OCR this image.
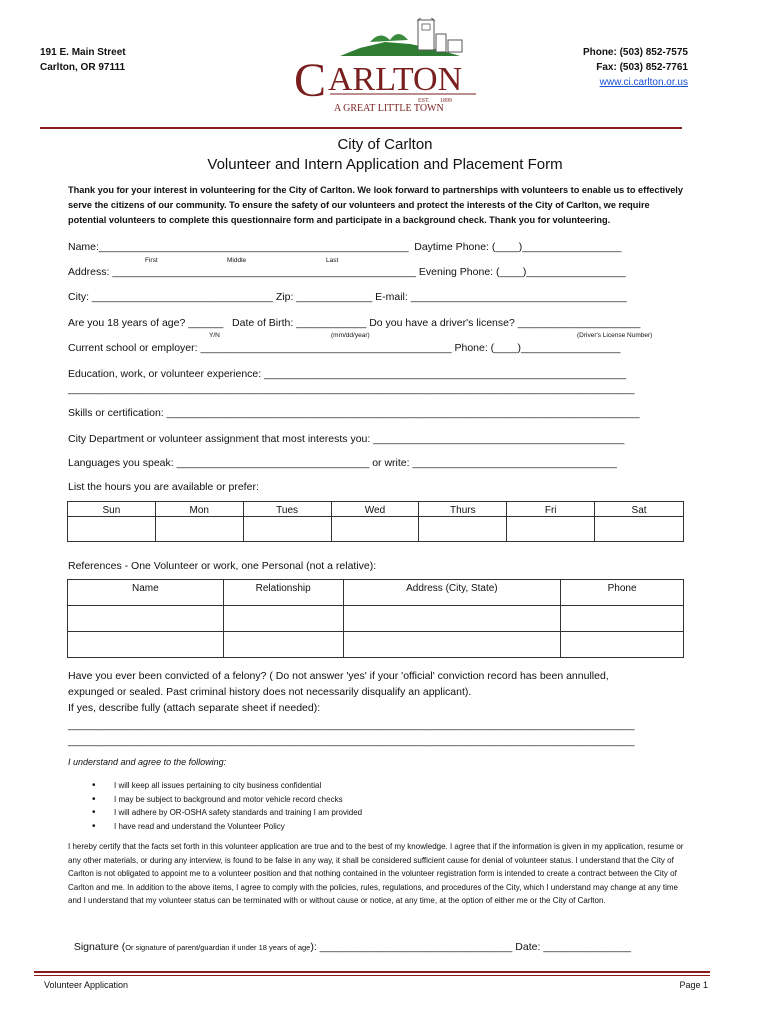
191 E. Main Street
Carlton, OR 97111	C ARLTON
EST. 1899
A GREAT LITTLE TOWN
Phone: (503) 852-7575
Fax: (503) 852-7761
www.ci.carlton.or.us
City of Carlton
Volunteer and Intern Application and Placement Form
Thank you for your interest in volunteering for the City of Carlton. We look forward to partnerships with volunteers to enable us to effectively serve the citizens of our community. To ensure the safety of our volunteers and protect the interests of the City of Carlton, we require potential volunteers to complete this questionnaire form and participate in a background check. Thank you for volunteering.
Name:_____________________________________________________  Daytime Phone: (____)_________________
First	Middle	Last
Address: ____________________________________________________ Evening Phone: (____)_________________
City: _______________________________ Zip: _____________ E-mail: _____________________________________
Are you 18 years of age? ______   Date of Birth: ____________ Do you have a driver's license? _____________________
Y/N	(mm/dd/year)	(Driver's License Number)
Current school or employer: ___________________________________________ Phone: (____)_________________
Education, work, or volunteer experience: ______________________________________________________________
_________________________________________________________________________________________________
Skills or certification: _________________________________________________________________________________
City Department or volunteer assignment that most interests you: ___________________________________________
Languages you speak: _________________________________ or write: ___________________________________
List the hours you are available or prefer:
Sun	Mon	Tues	Wed	Thurs	Fri	Sat

References - One Volunteer or work, one Personal (not a relative):
Name	Relationship	Address (City, State)	Phone

Have you ever been convicted of a felony? ( Do not answer 'yes' if your 'official' conviction record has been annulled,
expunged or sealed. Past criminal history does not necessarily disqualify an applicant).
If yes, describe fully (attach separate sheet if needed):
_________________________________________________________________________________________________
_________________________________________________________________________________________________
I understand and agree to the following:
• I will keep all issues pertaining to city business confidential
• I may be subject to background and motor vehicle record checks
• I will adhere by OR-OSHA safety standards and training I am provided
• I have read and understand the Volunteer Policy
I hereby certify that the facts set forth in this volunteer application are true and to the best of my knowledge. I agree that if the information is given in my application, resume or any other materials, or during any interview, is found to be false in any way, it shall be considered sufficient cause for denial of volunteer status. I understand that the City of Carlton is not obligated to appoint me to a volunteer position and that nothing contained in the volunteer registration form is intended to create a contract between the City of Carlton and me. In addition to the above items, I agree to comply with the policies, rules, regulations, and procedures of the City, which I understand may change at any time and I understand that my volunteer status can be terminated with or without cause or notice, at any time, at the option of either me or the City of Carlton.

Signature (Or signature of parent/guardian if under 18 years of age): _________________________________ Date: _______________

Volunteer Application	Page 1
